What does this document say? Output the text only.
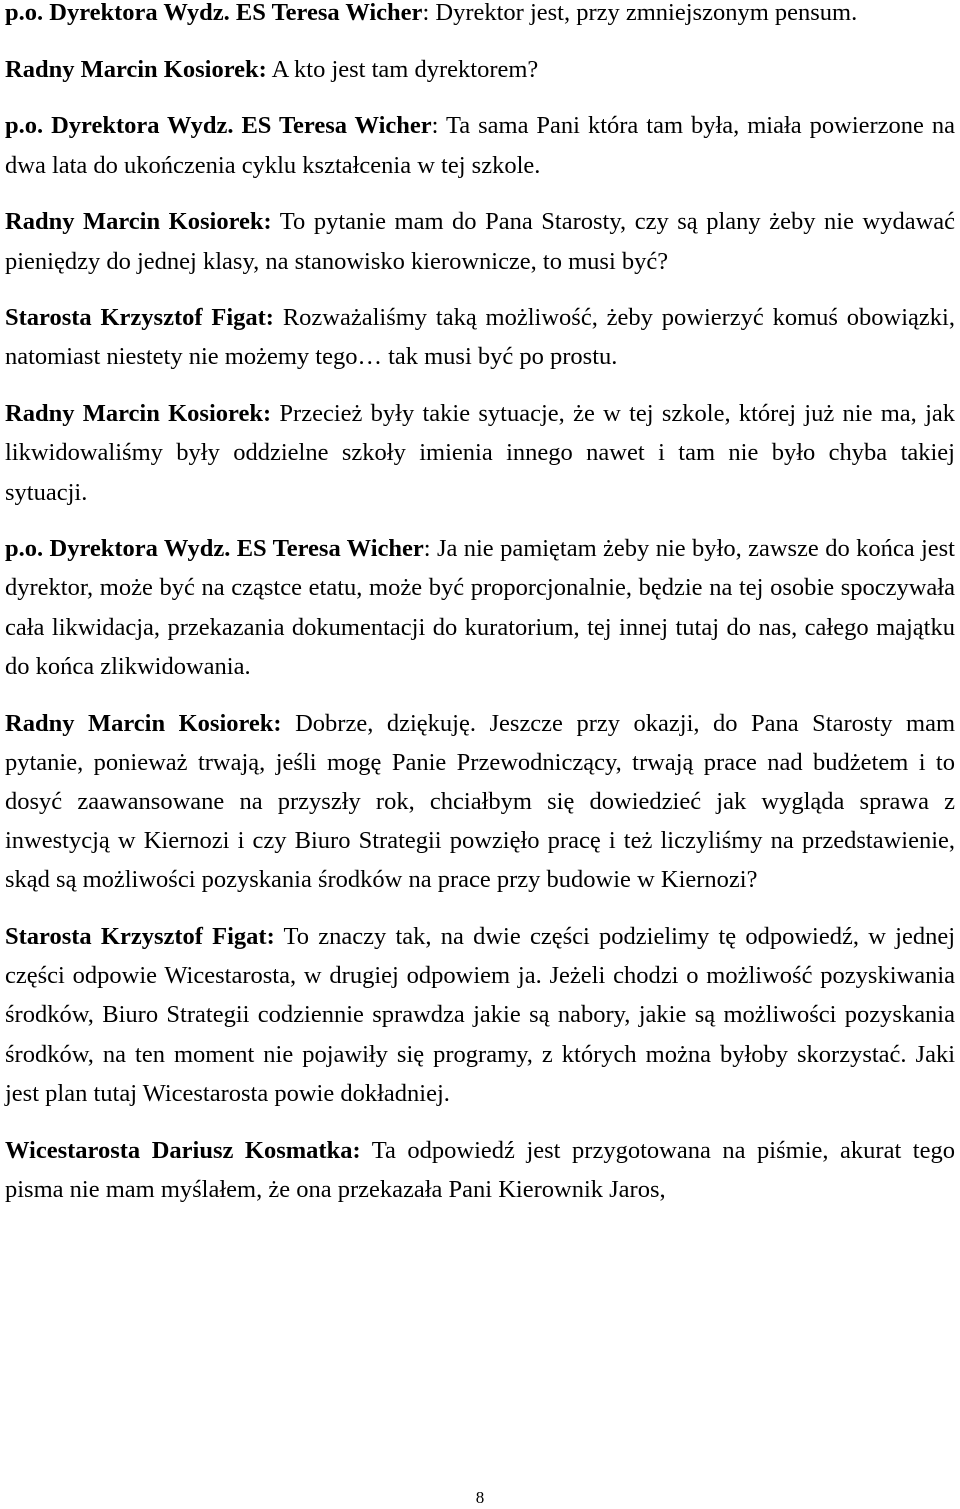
p.o. Dyrektora Wydz. ES Teresa Wicher: Dyrektor jest, przy zmniejszonym pensum.

Radny Marcin Kosiorek: A kto jest tam dyrektorem?

p.o. Dyrektora Wydz. ES Teresa Wicher: Ta sama Pani która tam była, miała powierzone na dwa lata do ukończenia cyklu kształcenia w tej szkole.

Radny Marcin Kosiorek: To pytanie mam do Pana Starosty, czy są plany żeby nie wydawać pieniędzy do jednej klasy, na stanowisko kierownicze, to musi być?

Starosta Krzysztof Figat: Rozważaliśmy taką możliwość, żeby powierzyć komuś obowiązki, natomiast niestety nie możemy tego… tak musi być po prostu.

Radny Marcin Kosiorek: Przecież były takie sytuacje, że w tej szkole, której już nie ma, jak likwidowaliśmy były oddzielne szkoły imienia innego nawet i tam nie było chyba takiej sytuacji.

p.o. Dyrektora Wydz. ES Teresa Wicher: Ja nie pamiętam żeby nie było, zawsze do końca jest dyrektor, może być na cząstce etatu, może być proporcjonalnie, będzie na tej osobie spoczywała cała likwidacja, przekazania dokumentacji do kuratorium, tej innej tutaj do nas, całego majątku do końca zlikwidowania.

Radny Marcin Kosiorek: Dobrze, dziękuję. Jeszcze przy okazji, do Pana Starosty mam pytanie, ponieważ trwają, jeśli mogę Panie Przewodniczący, trwają prace nad budżetem i to dosyć zaawansowane na przyszły rok, chciałbym się dowiedzieć jak wygląda sprawa z inwestycją w Kiernozi i czy Biuro Strategii powzięło pracę i też liczyliśmy na przedstawienie, skąd są możliwości pozyskania środków na prace przy budowie w Kiernozi?

Starosta Krzysztof Figat: To znaczy tak, na dwie części podzielimy tę odpowiedź, w jednej części odpowie Wicestarosta, w drugiej odpowiem ja. Jeżeli chodzi o możliwość pozyskiwania środków, Biuro Strategii codziennie sprawdza jakie są nabory, jakie są możliwości pozyskania środków, na ten moment nie pojawiły się programy, z których można byłoby skorzystać. Jaki jest plan tutaj Wicestarosta powie dokładniej.

Wicestarosta Dariusz Kosmatka: Ta odpowiedź jest przygotowana na piśmie, akurat tego pisma nie mam myślałem, że ona przekazała Pani Kierownik Jaros,

8
